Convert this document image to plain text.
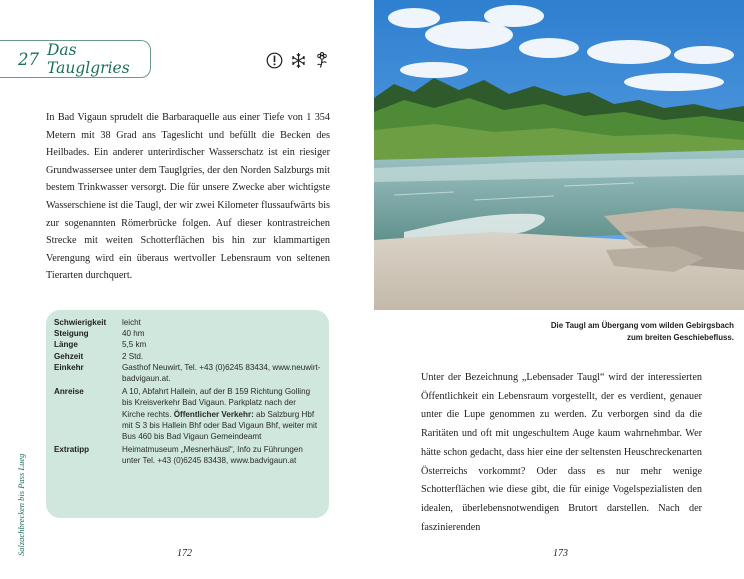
27 Das Tauglgries

In Bad Vigaun sprudelt die Barbaraquelle aus einer Tiefe von 1 354 Metern mit 38 Grad ans Tageslicht und befüllt die Becken des Heilbades. Ein anderer unterirdischer Wasserschatz ist ein riesiger Grundwassersee unter dem Tauglgries, der den Norden Salzburgs mit bestem Trinkwasser versorgt. Die für unsere Zwecke aber wichtigste Wasserschiene ist die Taugl, der wir zwei Kilometer flussaufwärts bis zur sogenannten Römerbrücke folgen. Auf dieser kontrastreichen Strecke mit weiten Schotterflächen bis hin zur klammartigen Verengung wird ein überaus wertvoller Lebensraum von seltenen Tierarten durchquert.

Schwierigkeit	leicht
Steigung	40 hm
Länge	5,5 km
Gehzeit	2 Std.
Einkehr	Gasthof Neuwirt, Tel. +43 (0)6245 83434, www.neuwirt-badvigaun.at.
Anreise	A 10, Abfahrt Hallein, auf der B 159 Richtung Golling bis Kreisverkehr Bad Vigaun. Parkplatz nach der Kirche rechts. Öffentlicher Verkehr: ab Salzburg Hbf mit S 3 bis Hallein Bhf oder Bad Vigaun Bhf, weiter mit Bus 460 bis Bad Vigaun Gemeindeamt
Extratipp	Heimatmuseum „Mesnerhäusl“, Info zu Führungen unter Tel. +43 (0)6245 83438, www.badvigaun.at
Salzachbrecken bis Pass Lueg	172
Die Taugl am Übergang vom wilden Gebirgsbach
zum breiten Geschiebefluss.

Unter der Bezeichnung „Lebensader Taugl“ wird der interessierten Öffentlichkeit ein Lebensraum vorgestellt, der es verdient, genauer unter die Lupe genommen zu werden. Zu verborgen sind da die Raritäten und oft mit ungeschultem Auge kaum wahrnehmbar. Wer hätte schon gedacht, dass hier eine der seltensten Heuschreckenarten Österreichs vorkommt? Oder dass es nur mehr wenige Schotterflächen wie diese gibt, die für einige Vogelspezialisten den idealen, überlebensnotwendigen Brutort darstellen. Nach der faszinierenden

173
